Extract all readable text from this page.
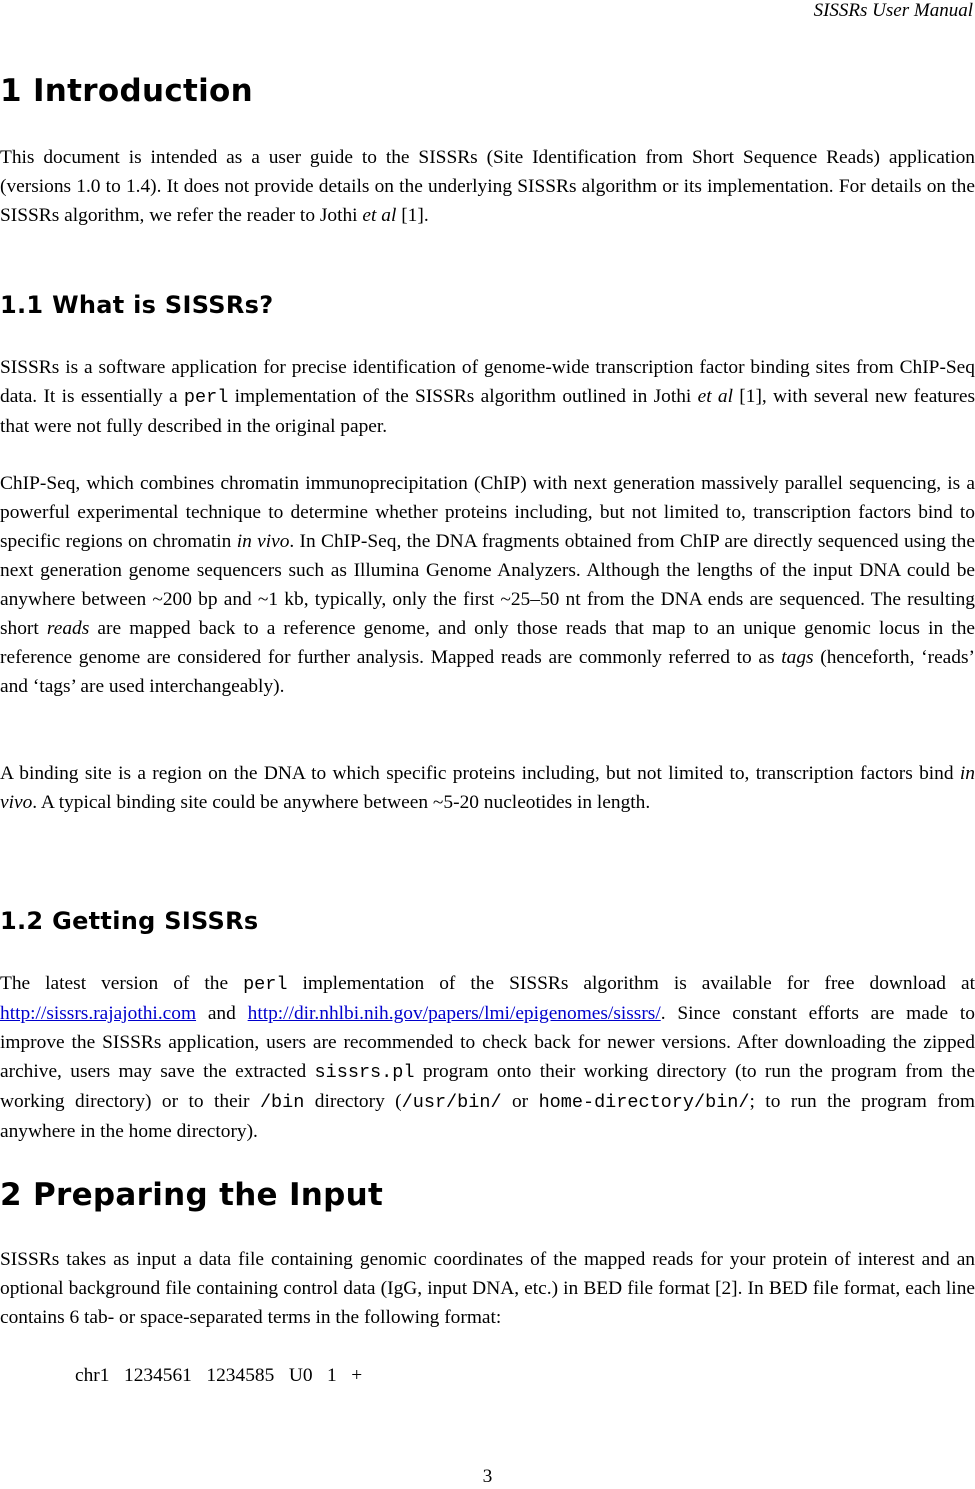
SISSRs User Manual
1 Introduction

This document is intended as a user guide to the SISSRs (Site Identification from Short Sequence Reads) application (versions 1.0 to 1.4). It does not provide details on the underlying SISSRs algorithm or its implementation. For details on the SISSRs algorithm, we refer the reader to Jothi et al [1].

1.1 What is SISSRs?

SISSRs is a software application for precise identification of genome-wide transcription factor binding sites from ChIP-Seq data. It is essentially a perl implementation of the SISSRs algorithm outlined in Jothi et al [1], with several new features that were not fully described in the original paper.

ChIP-Seq, which combines chromatin immunoprecipitation (ChIP) with next generation massively parallel sequencing, is a powerful experimental technique to determine whether proteins including, but not limited to, transcription factors bind to specific regions on chromatin in vivo. In ChIP-Seq, the DNA fragments obtained from ChIP are directly sequenced using the next generation genome sequencers such as Illumina Genome Analyzers. Although the lengths of the input DNA could be anywhere between ~200 bp and ~1 kb, typically, only the first ~25–50 nt from the DNA ends are sequenced. The resulting short reads are mapped back to a reference genome, and only those reads that map to an unique genomic locus in the reference genome are considered for further analysis. Mapped reads are commonly referred to as tags (henceforth, ‘reads’ and ‘tags’ are used interchangeably).

A binding site is a region on the DNA to which specific proteins including, but not limited to, transcription factors bind in vivo. A typical binding site could be anywhere between ~5-20 nucleotides in length.

1.2 Getting SISSRs

The latest version of the perl implementation of the SISSRs algorithm is available for free download at http://sissrs.rajajothi.com and http://dir.nhlbi.nih.gov/papers/lmi/epigenomes/sissrs/. Since constant efforts are made to improve the SISSRs application, users are recommended to check back for newer versions. After downloading the zipped archive, users may save the extracted sissrs.pl program onto their working directory (to run the program from the working directory) or to their /bin directory (/usr/bin/ or home-directory/bin/; to run the program from anywhere in the home directory).

2 Preparing the Input

SISSRs takes as input a data file containing genomic coordinates of the mapped reads for your protein of interest and an optional background file containing control data (IgG, input DNA, etc.) in BED file format [2]. In BED file format, each line contains 6 tab- or space-separated terms in the following format:

chr1   1234561   1234585   U0   1   +
3
